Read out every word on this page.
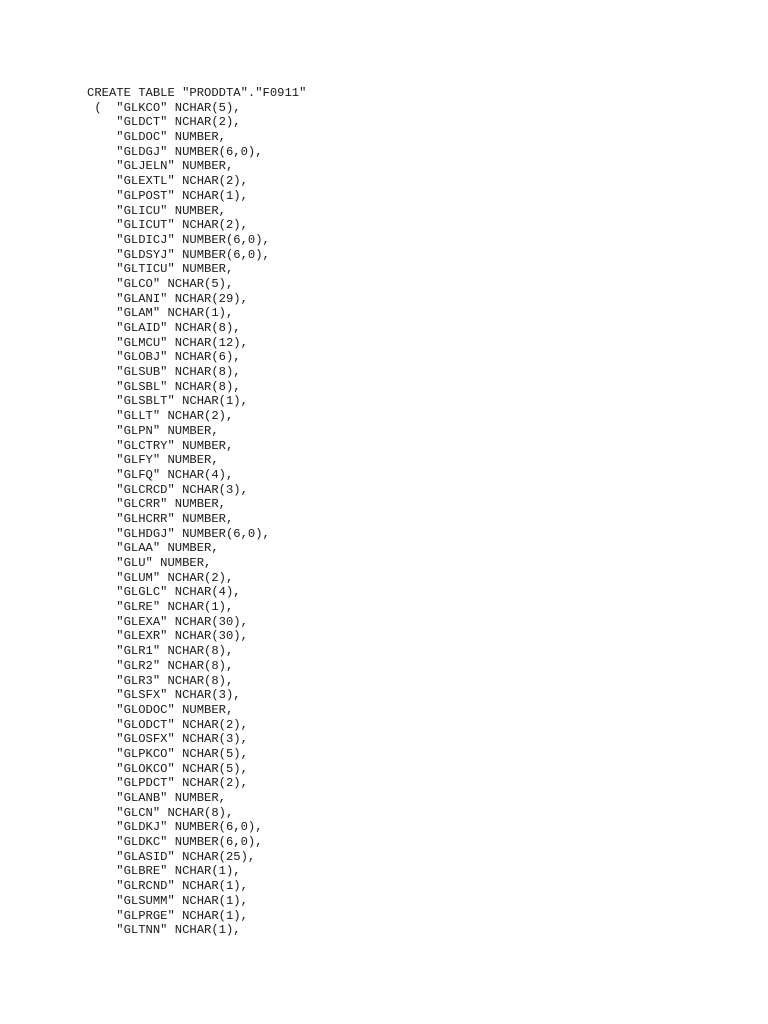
CREATE TABLE "PRODDTA"."F0911"
(  "GLKCO" NCHAR(5),
"GLDCT" NCHAR(2),
"GLDOC" NUMBER,
"GLDGJ" NUMBER(6,0),
"GLJELN" NUMBER,
"GLEXTL" NCHAR(2),
"GLPOST" NCHAR(1),
"GLICU" NUMBER,
"GLICUT" NCHAR(2),
"GLDICJ" NUMBER(6,0),
"GLDSYJ" NUMBER(6,0),
"GLTICU" NUMBER,
"GLCO" NCHAR(5),
"GLANI" NCHAR(29),
"GLAM" NCHAR(1),
"GLAID" NCHAR(8),
"GLMCU" NCHAR(12),
"GLOBJ" NCHAR(6),
"GLSUB" NCHAR(8),
"GLSBL" NCHAR(8),
"GLSBLT" NCHAR(1),
"GLLT" NCHAR(2),
"GLPN" NUMBER,
"GLCTRY" NUMBER,
"GLFY" NUMBER,
"GLFQ" NCHAR(4),
"GLCRCD" NCHAR(3),
"GLCRR" NUMBER,
"GLHCRR" NUMBER,
"GLHDGJ" NUMBER(6,0),
"GLAA" NUMBER,
"GLU" NUMBER,
"GLUM" NCHAR(2),
"GLGLC" NCHAR(4),
"GLRE" NCHAR(1),
"GLEXA" NCHAR(30),
"GLEXR" NCHAR(30),
"GLR1" NCHAR(8),
"GLR2" NCHAR(8),
"GLR3" NCHAR(8),
"GLSFX" NCHAR(3),
"GLODOC" NUMBER,
"GLODCT" NCHAR(2),
"GLOSFX" NCHAR(3),
"GLPKCO" NCHAR(5),
"GLOKCO" NCHAR(5),
"GLPDCT" NCHAR(2),
"GLANB" NUMBER,
"GLCN" NCHAR(8),
"GLDKJ" NUMBER(6,0),
"GLDKC" NUMBER(6,0),
"GLASID" NCHAR(25),
"GLBRE" NCHAR(1),
"GLRCND" NCHAR(1),
"GLSUMM" NCHAR(1),
"GLPRGE" NCHAR(1),
"GLTNN" NCHAR(1),
